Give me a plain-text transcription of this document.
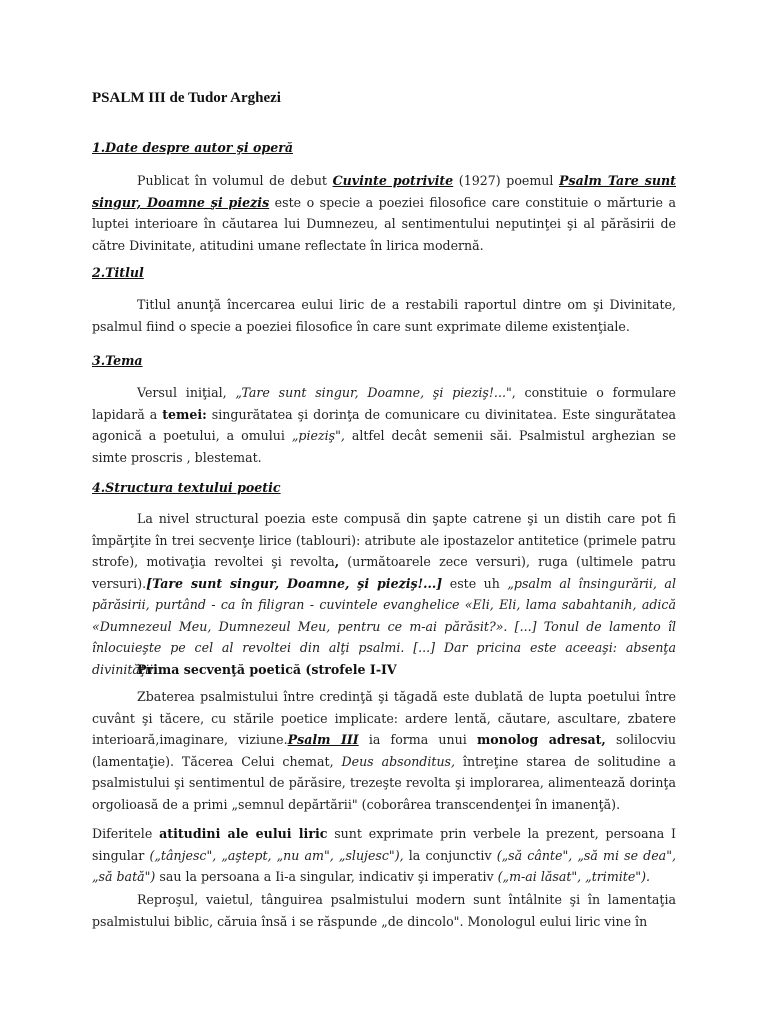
PSALM III de Tudor Arghezi
1.Date despre autor şi operă

Publicat în volumul de debut Cuvinte potrivite (1927) poemul Psalm Tare sunt singur, Doamne şi piezis este o specie a poeziei filosofice care constituie o mărturie a luptei interioare în căutarea lui Dumnezeu, al sentimentului neputinţei şi al părăsirii de către Divinitate, atitudini umane reflectate în lirica modernă.

2.Titlul

Titlul anunţă încercarea eului liric de a restabili raportul dintre om şi Divinitate, psalmul fiind o specie a poeziei filosofice în care sunt exprimate dileme existenţiale.

3.Tema

Versul iniţial, „Tare sunt singur, Doamne, şi pieziş!...", constituie o formulare lapidară a temei: singurătatea şi dorinţa de comunicare cu divinitatea. Este singurătatea agonică a poetului, a omului „pieziş", altfel decât semenii săi. Psalmistul arghezian se simte proscris , blestemat.

4.Structura textului poetic

La nivel structural poezia este compusă din şapte catrene şi un distih care pot fi împărţite în trei secvenţe lirice (tablouri): atribute ale ipostazelor antitetice (primele patru strofe), motivaţia revoltei şi revolta, (următoarele zece versuri), ruga (ultimele patru versuri).[Tare sunt singur, Doamne, şi pieziş!...] este uh „psalm al însingurării, al părăsirii, purtând - ca în filigran - cuvintele evanghelice «Eli, Eli, lama sabahtanih, adică «Dumnezeul Meu, Dumnezeul Meu, pentru ce m-ai părăsit?». [...] Tonul de lamento îl înlocuieşte pe cel al revoltei din alţi psalmi. [...] Dar pricina este aceeaşi: absenţa divinităţii.

Prima secvenţă poetică (strofele I-IV

Zbaterea psalmistului între credinţă şi tăgadă este dublată de lupta poetului între cuvânt şi tăcere, cu stările poetice implicate: ardere lentă, căutare, ascultare, zbatere interioară,imaginare, viziune.Psalm III ia forma unui monolog adresat, solilocviu (lamentaţie). Tăcerea Celui chemat, Deus absonditus, întreţine starea de solitudine a psalmistului şi sentimentul de părăsire, trezeşte revolta şi implorarea, alimentează dorinţa orgolioasă de a primi „semnul depărtării" (coborârea transcendenţei în imanenţă).

Diferitele atitudini ale eului liric sunt exprimate prin verbele la prezent, persoana I singular („tânjesc", „aştept, „nu am", „slujesc"), la conjunctiv („să cânte", „să mi se dea", „să bată") sau la persoana a Ii-a singular, indicativ şi imperativ („m-ai lăsat", „trimite").

Reproşul, vaietul, tânguirea psalmistului modern sunt întâlnite şi în lamentaţia psalmistului biblic, căruia însă i se răspunde „de dincolo". Monologul eului liric vine în
